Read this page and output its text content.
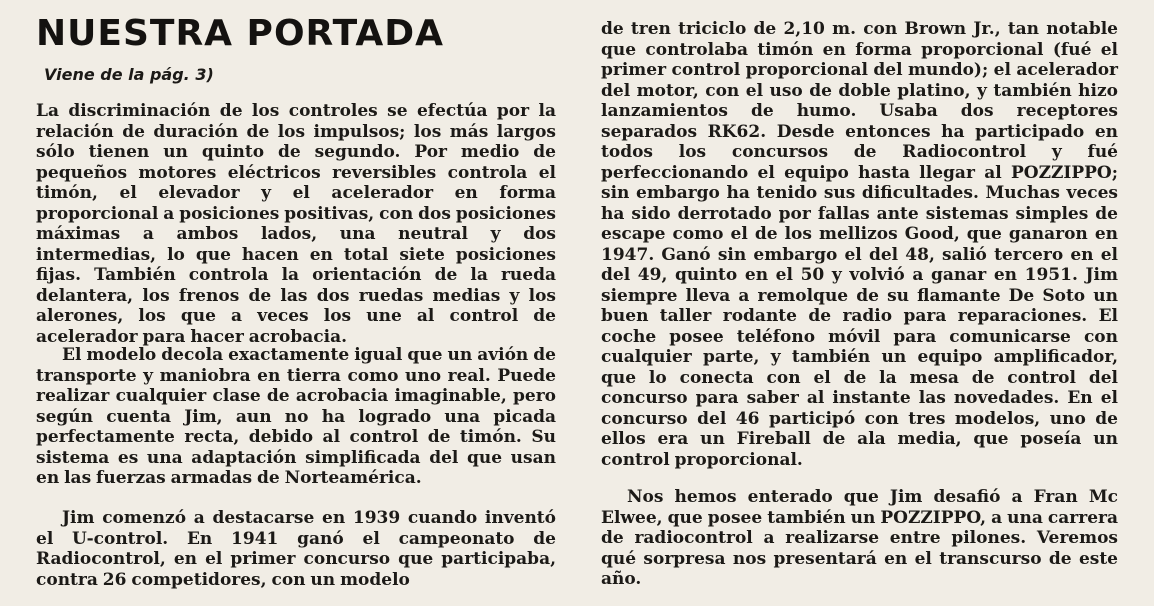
NUESTRA PORTADA

Viene de la pág. 3)

La discriminación de los controles se efectúa por la relación de duración de los impulsos; los más largos sólo tienen un quinto de segundo. Por medio de pequeños motores eléctricos reversibles controla el timón, el elevador y el acelerador en forma proporcional a posiciones positivas, con dos posiciones máximas a ambos lados, una neutral y dos intermedias, lo que hacen en total siete posiciones fijas. También controla la orientación de la rueda delantera, los frenos de las dos ruedas medias y los alerones, los que a veces los une al control de acelerador para hacer acrobacia.

El modelo decola exactamente igual que un avión de transporte y maniobra en tierra como uno real. Puede realizar cualquier clase de acrobacia imaginable, pero según cuenta Jim, aun no ha logrado una picada perfectamente recta, debido al control de timón. Su sistema es una adaptación simplificada del que usan en las fuerzas armadas de Norteamérica.

Jim comenzó a destacarse en 1939 cuando inventó el U-control. En 1941 ganó el campeonato de Radiocontrol, en el primer concurso que participaba, contra 26 competidores, con un modelo

de tren triciclo de 2,10 m. con Brown Jr., tan notable que controlaba timón en forma proporcional (fué el primer control proporcional del mundo); el acelerador del motor, con el uso de doble platino, y también hizo lanzamientos de humo. Usaba dos receptores separados RK62. Desde entonces ha participado en todos los concursos de Radiocontrol y fué perfeccionando el equipo hasta llegar al POZZIPPO; sin embargo ha tenido sus dificultades. Muchas veces ha sido derrotado por fallas ante sistemas simples de escape como el de los mellizos Good, que ganaron en 1947. Ganó sin embargo el del 48, salió tercero en el del 49, quinto en el 50 y volvió a ganar en 1951. Jim siempre lleva a remolque de su flamante De Soto un buen taller rodante de radio para reparaciones. El coche posee teléfono móvil para comunicarse con cualquier parte, y también un equipo amplificador, que lo conecta con el de la mesa de control del concurso para saber al instante las novedades. En el concurso del 46 participó con tres modelos, uno de ellos era un Fireball de ala media, que poseía un control proporcional.

Nos hemos enterado que Jim desafió a Fran Mc Elwee, que posee también un POZZIPPO, a una carrera de radiocontrol a realizarse entre pilones. Veremos qué sorpresa nos presentará en el transcurso de este año.
